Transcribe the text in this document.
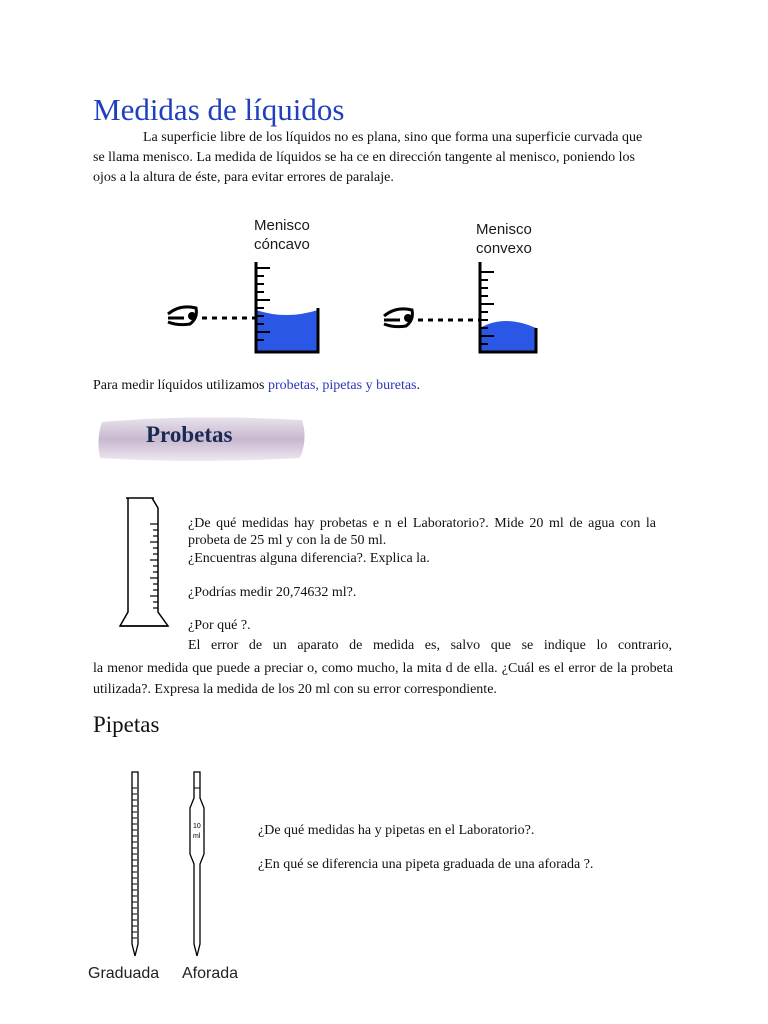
Medidas de líquidos
La superficie libre de los líquidos no es plana, sino que forma una superficie curvada que se llama menisco. La medida de líquidos se ha ce en dirección tangente al menisco, poniendo los ojos a la altura de éste, para evitar errores de paralaje.
Menisco
cóncavo
Menisco
convexo
Para medir líquidos utilizamos probetas, pipetas y buretas.
Probetas
¿De qué medidas hay probetas e n el Laboratorio?. Mide 20 ml de agua con la probeta de 25 ml y con la de 50 ml.
¿Encuentras alguna diferencia?. Explica la.
¿Podrías medir 20,74632 ml?.
¿Por qué ?.
El error de un aparato de medida es, salvo que se indique lo contrario,
la menor medida que puede a preciar o, como mucho, la mita d de ella. ¿Cuál es el error de la probeta utilizada?. Expresa la medida de los 20 ml con su error correspondiente.
Pipetas
10
ml
Graduada Aforada
¿De qué medidas ha y pipetas en el Laboratorio?.
¿En qué se diferencia una pipeta graduada de una aforada ?.
